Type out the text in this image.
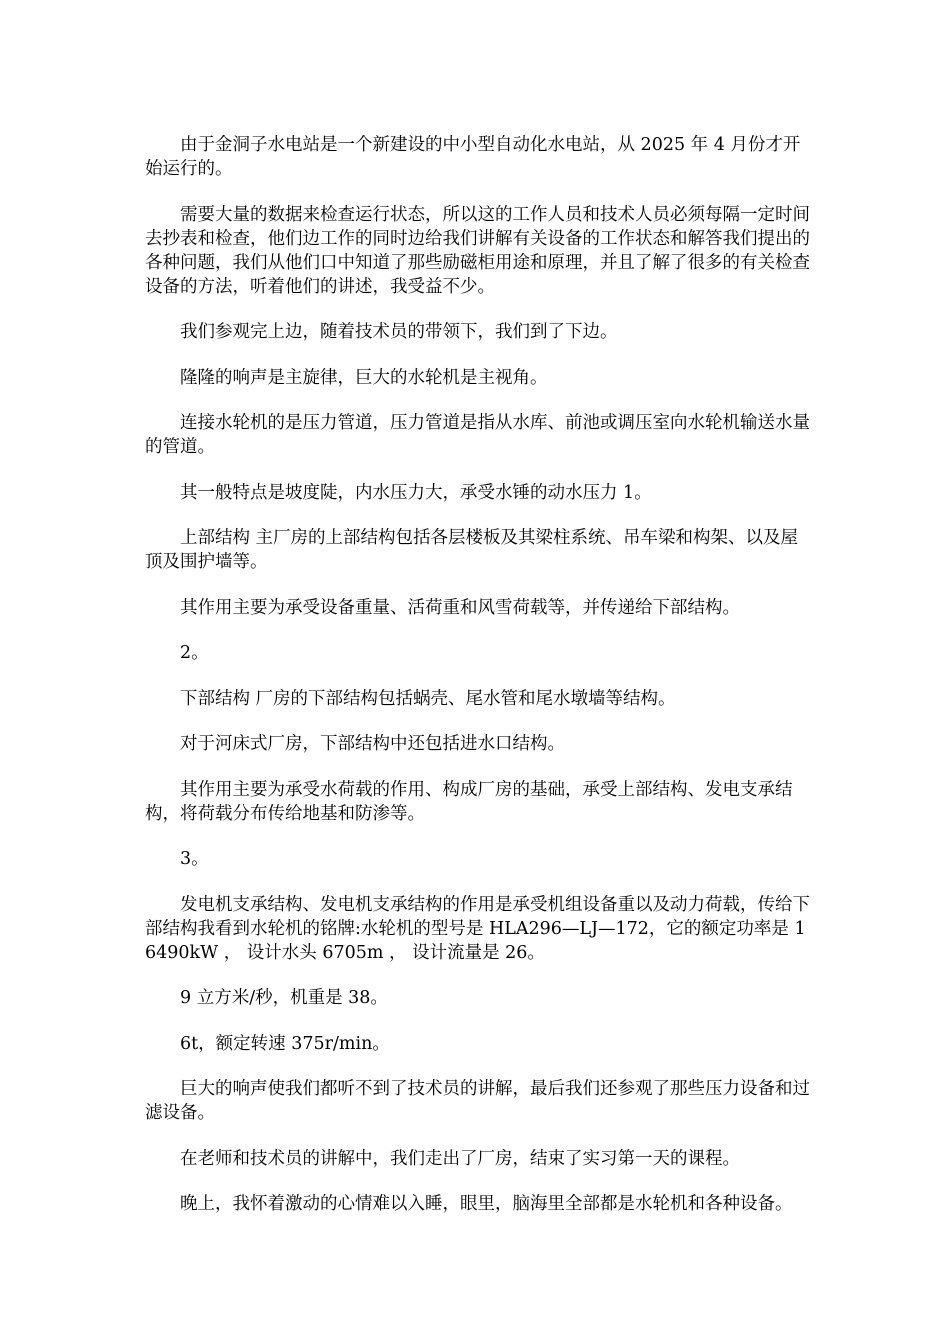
由于金洞子水电站是一个新建设的中小型自动化水电站，从 2025 年 4 月份才开始运行的。

需要大量的数据来检查运行状态，所以这的工作人员和技术人员必须每隔一定时间去抄表和检查，他们边工作的同时边给我们讲解有关设备的工作状态和解答我们提出的各种问题，我们从他们口中知道了那些励磁柜用途和原理，并且了解了很多的有关检查设备的方法，听着他们的讲述，我受益不少。

我们参观完上边，随着技术员的带领下，我们到了下边。

隆隆的响声是主旋律，巨大的水轮机是主视角。

连接水轮机的是压力管道，压力管道是指从水库、前池或调压室向水轮机输送水量的管道。

其一般特点是坡度陡，内水压力大，承受水锤的动水压力 1。

上部结构 主厂房的上部结构包括各层楼板及其梁柱系统、吊车梁和构架、以及屋顶及围护墙等。

其作用主要为承受设备重量、活荷重和风雪荷载等，并传递给下部结构。

2。

下部结构 厂房的下部结构包括蜗壳、尾水管和尾水墩墙等结构。

对于河床式厂房，下部结构中还包括进水口结构。

其作用主要为承受水荷载的作用、构成厂房的基础，承受上部结构、发电支承结构，将荷载分布传给地基和防渗等。

3。

发电机支承结构、发电机支承结构的作用是承受机组设备重以及动力荷载，传给下部结构我看到水轮机的铭牌:水轮机的型号是 HLA296—LJ—172，它的额定功率是 16490kW ， 设计水头 6705m ， 设计流量是 26。

9 立方米/秒，机重是 38。

6t，额定转速 375r/min。

巨大的响声使我们都听不到了技术员的讲解，最后我们还参观了那些压力设备和过滤设备。

在老师和技术员的讲解中，我们走出了厂房，结束了实习第一天的课程。

晚上，我怀着激动的心情难以入睡，眼里，脑海里全部都是水轮机和各种设备。
